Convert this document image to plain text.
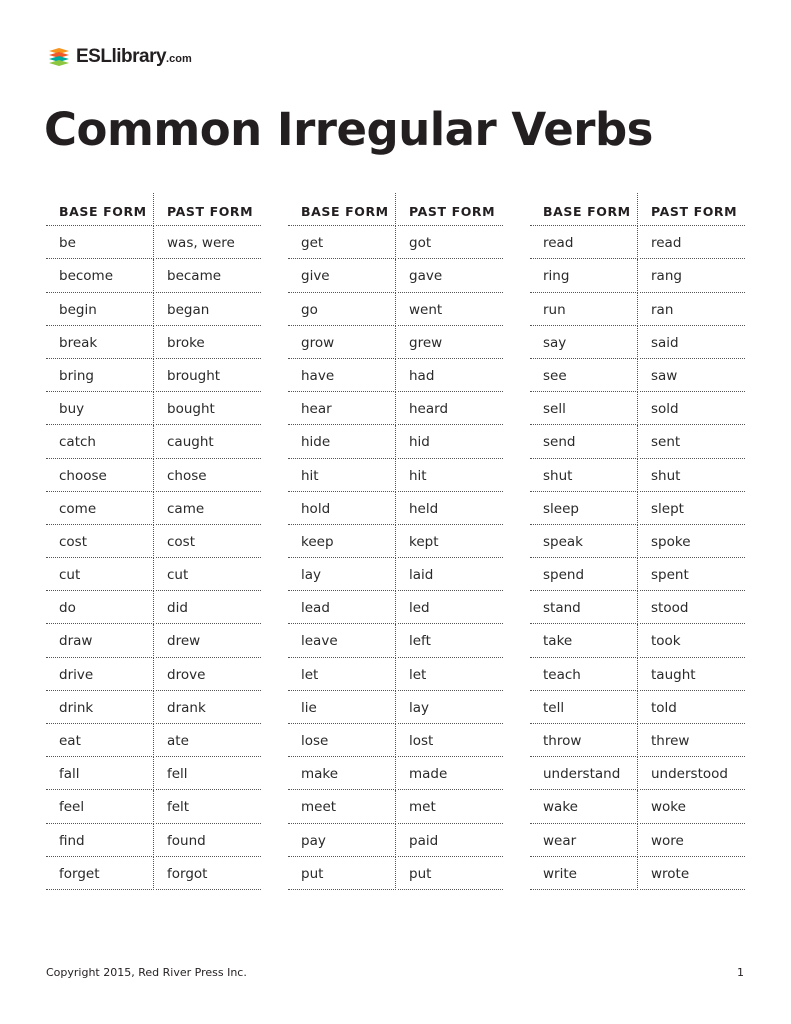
ESLlibrary.com
Common Irregular Verbs
BASE FORM	PAST FORM
be	was, were
become	became
begin	began
break	broke
bring	brought
buy	bought
catch	caught
choose	chose
come	came
cost	cost
cut	cut
do	did
draw	drew
drive	drove
drink	drank
eat	ate
fall	fell
feel	felt
find	found
forget	forgot
BASE FORM	PAST FORM
get	got
give	gave
go	went
grow	grew
have	had
hear	heard
hide	hid
hit	hit
hold	held
keep	kept
lay	laid
lead	led
leave	left
let	let
lie	lay
lose	lost
make	made
meet	met
pay	paid
put	put
BASE FORM	PAST FORM
read	read
ring	rang
run	ran
say	said
see	saw
sell	sold
send	sent
shut	shut
sleep	slept
speak	spoke
spend	spent
stand	stood
take	took
teach	taught
tell	told
throw	threw
understand	understood
wake	woke
wear	wore
write	wrote
Copyright 2015, Red River Press Inc.	1
